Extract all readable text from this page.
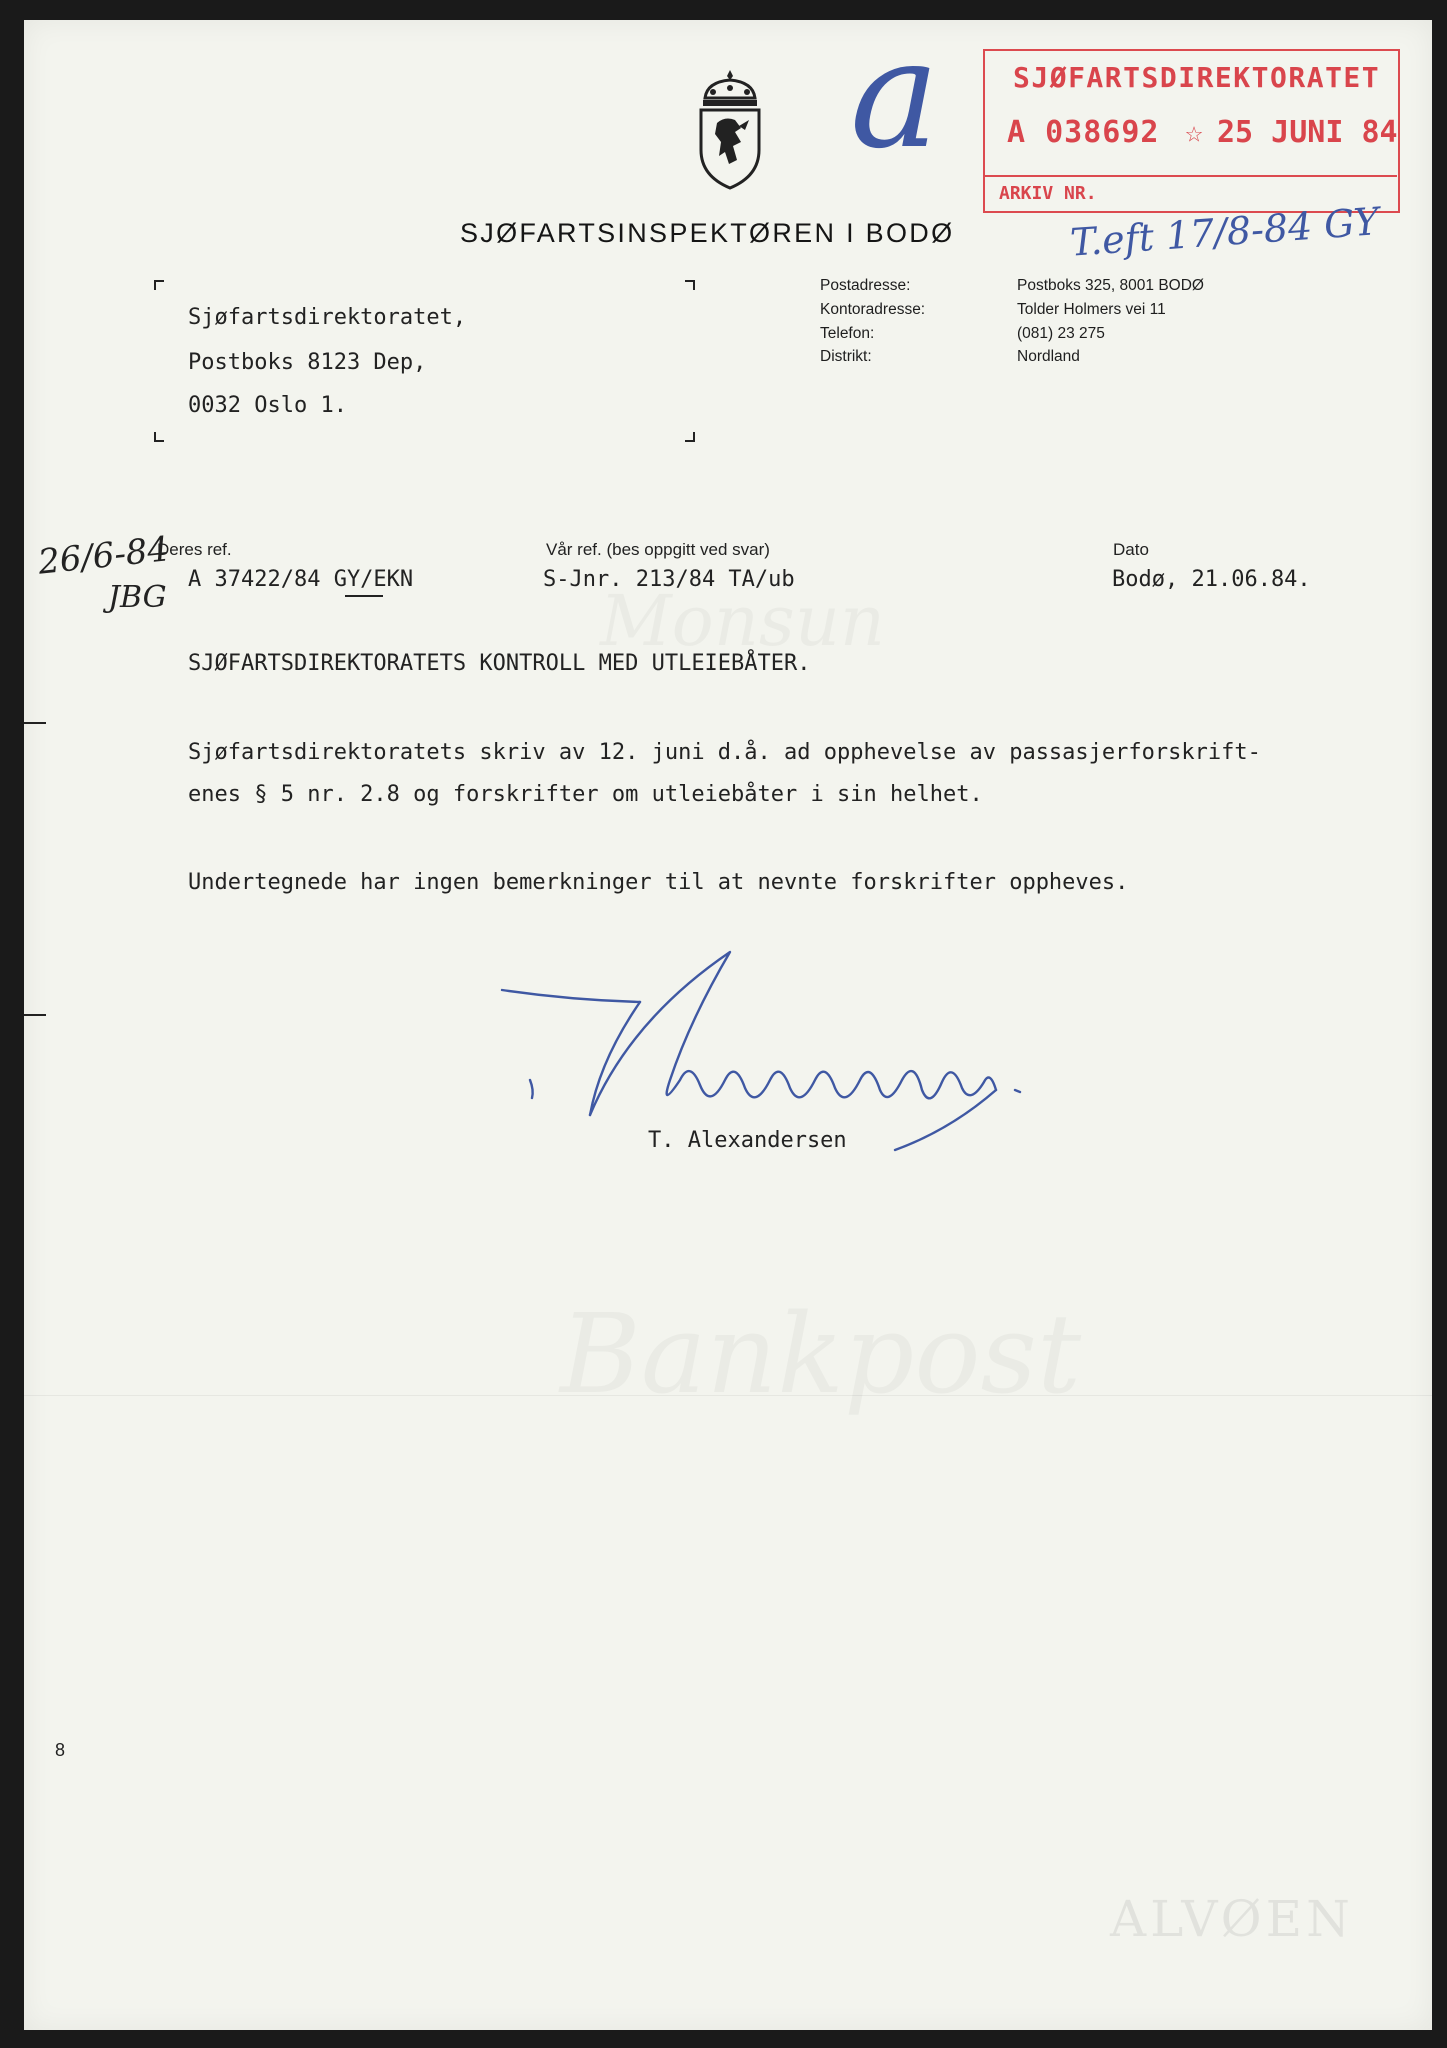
ALVØEN
SJØFARTSDIREKTORATET
A 038692 ☆ 25 JUNI 84
ARKIV NR.
a
T.eft 17/8-84 GY
26/6-84
JBG
SJØFARTSINSPEKTØREN I BODØ
Sjøfartsdirektoratet,
Postboks 8123 Dep,
0032 Oslo 1.
Postadresse:	Postboks 325, 8001 BODØ
Kontoradresse:	Tolder Holmers vei 11
Telefon:	(081) 23 275
Distrikt:	Nordland
Deres ref.
A 37422/84 GY/EKN
Vår ref. (bes oppgitt ved svar)
S-Jnr. 213/84 TA/ub
Dato
Bodø, 21.06.84.
SJØFARTSDIREKTORATETS KONTROLL MED UTLEIEBÅTER.
Sjøfartsdirektoratets skriv av 12. juni d.å. ad opphevelse av passasjerforskrift-
enes § 5 nr. 2.8 og forskrifter om utleiebåter i sin helhet.
Undertegnede har ingen bemerkninger til at nevnte forskrifter oppheves.
T. Alexandersen
8
